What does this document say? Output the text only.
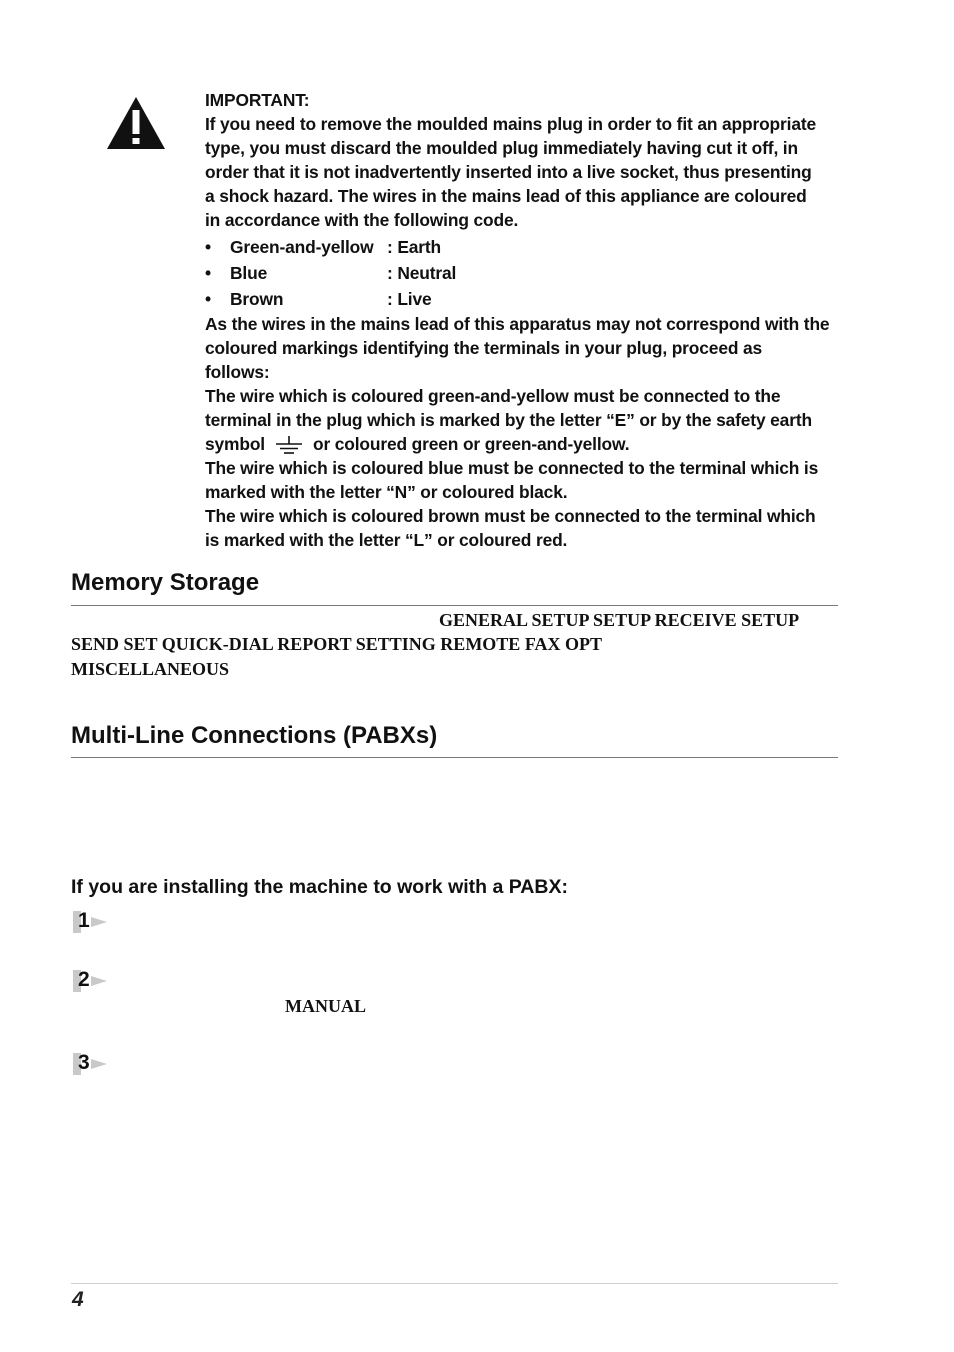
IMPORTANT:

If you need to remove the moulded mains plug in order to fit an appropriate

type, you must discard the moulded plug immediately having cut it off, in

order that it is not inadvertently inserted into a live socket, thus presenting

a shock hazard. The wires in the mains lead of this appliance are coloured

in accordance with the following code.

•	Green-and-yellow : Earth
•	Blue	: Neutral
•	Brown	: Live

As the wires in the mains lead of this apparatus may not correspond with the

coloured markings identifying the terminals in your plug, proceed as

follows:

The wire which is coloured green-and-yellow must be connected to the

terminal in the plug which is marked by the letter “E” or by the safety earth

symbol	or coloured green or green-and-yellow.

The wire which is coloured blue must be connected to the terminal which is

marked with the letter “N” or coloured black.

The wire which is coloured brown must be connected to the terminal which

is marked with the letter “L” or coloured red.

Memory Storage
GENERAL SETUP SETUP RECEIVE SETUP
SEND SET QUICK-DIAL REPORT SETTING REMOTE FAX OPT
MISCELLANEOUS
Multi-Line Connections (PABXs)
If you are installing the machine to work with a PABX:
1
2
MANUAL
3
4
